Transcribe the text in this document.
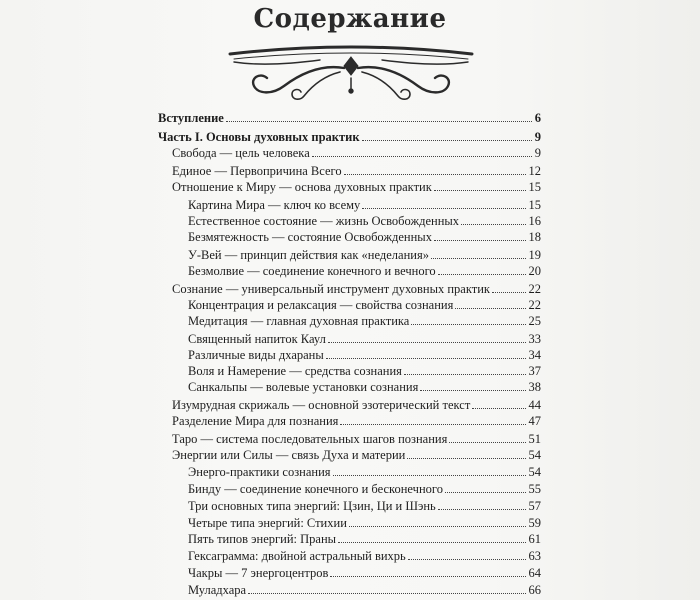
Содержание
Вступление	6
Часть I. Основы духовных практик	9
Свобода — цель человека	9
Единое — Первопричина Всего	12
Отношение к Миру — основа духовных практик	15
Картина Мира — ключ ко всему	15
Естественное состояние — жизнь Освобожденных	16
Безмятежность — состояние Освобожденных	18
У-Вей — принцип действия как «неделания»	19
Безмолвие — соединение конечного и вечного	20
Сознание — универсальный инструмент духовных практик	22
Концентрация и релаксация — свойства сознания	22
Медитация — главная духовная практика	25
Священный напиток Каул	33
Различные виды дхараны	34
Воля и Намерение — средства сознания	37
Санкальпы — волевые установки сознания	38
Изумрудная скрижаль — основной эзотерический текст	44
Разделение Мира для познания	47
Таро — система последовательных шагов познания	51
Энергии или Силы — связь Духа и материи	54
Энерго-практики сознания	54
Бинду — соединение конечного и бесконечного	55
Три основных типа энергий: Цзин, Ци и Шэнь	57
Четыре типа энергий: Стихии	59
Пять типов энергий: Праны	61
Гексаграмма: двойной астральный вихрь	63
Чакры — 7 энергоцентров	64
Муладхара	66
